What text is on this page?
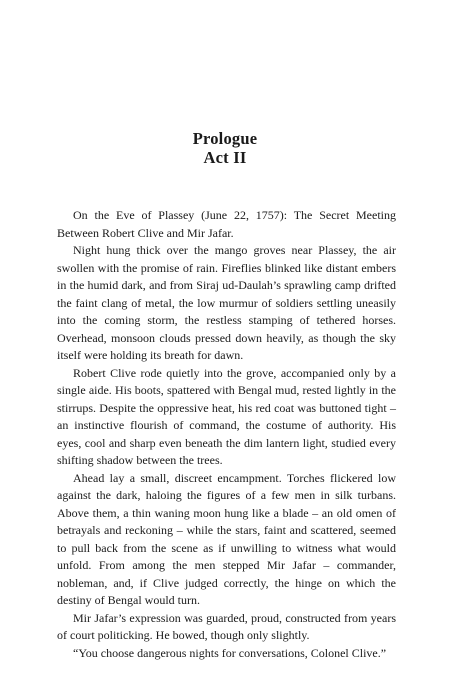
Prologue
Act II

On the Eve of Plassey (June 22, 1757): The Secret Meeting Between Robert Clive and Mir Jafar.

Night hung thick over the mango groves near Plassey, the air swollen with the promise of rain. Fireflies blinked like distant embers in the humid dark, and from Siraj ud-Daulah’s sprawling camp drifted the faint clang of metal, the low murmur of soldiers settling uneasily into the coming storm, the restless stamping of tethered horses. Overhead, monsoon clouds pressed down heavily, as though the sky itself were holding its breath for dawn.

Robert Clive rode quietly into the grove, accompanied only by a single aide. His boots, spattered with Bengal mud, rested lightly in the stirrups. Despite the oppressive heat, his red coat was buttoned tight – an instinctive flourish of command, the costume of authority. His eyes, cool and sharp even beneath the dim lantern light, studied every shifting shadow between the trees.

Ahead lay a small, discreet encampment. Torches flickered low against the dark, haloing the figures of a few men in silk turbans. Above them, a thin waning moon hung like a blade – an old omen of betrayals and reckoning – while the stars, faint and scattered, seemed to pull back from the scene as if unwilling to witness what would unfold. From among the men stepped Mir Jafar – commander, nobleman, and, if Clive judged correctly, the hinge on which the destiny of Bengal would turn.

Mir Jafar’s expression was guarded, proud, constructed from years of court politicking. He bowed, though only slightly.

“You choose dangerous nights for conversations, Colonel Clive.”
